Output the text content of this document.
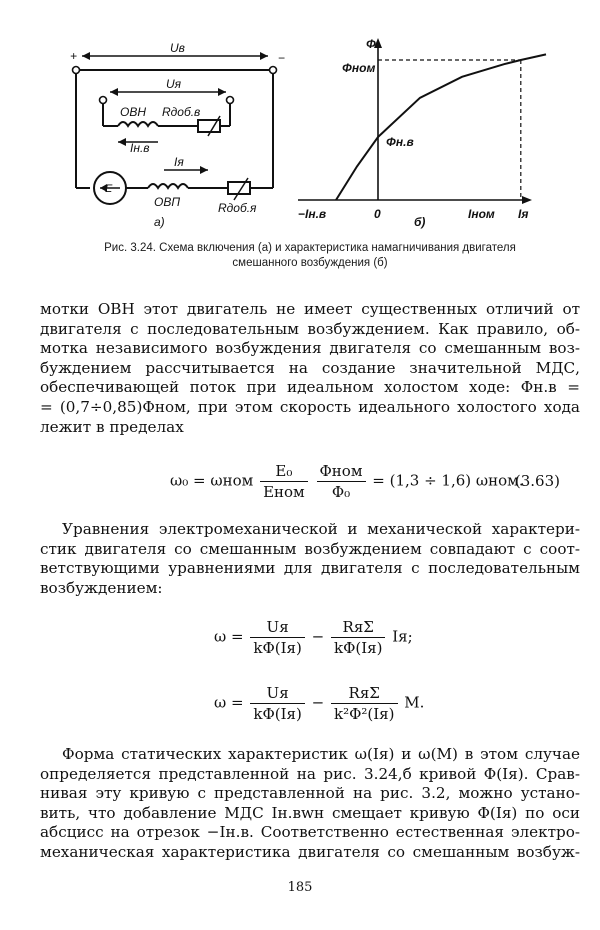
+	−
Uв
Uя
ОВН Rдоб.в
Iн.в
E
Iя
ОВП	Rдоб.я
а)
Φ
Φном
Φн.в
−Iн.в	0	Iном Iя
б)
Рис. 3.24. Схема включения (а) и характеристика намагничивания двигателя
смешанного возбуждения (б)
мотки ОВН этот двигатель не имеет существенных отличий от
двигателя с последовательным возбуждением. Как правило, об-
мотка независимого возбуждения двигателя со смешанным воз-
буждением рассчитывается на создание значительной МДС,
обеспечивающей поток при идеальном холостом ходе: Φн.в =
= (0,7÷0,85)Φном, при этом скорость идеального холостого хода
лежит в пределах
ω₀ = ωном $\frac{\text{E₀}}{\text{Eном}}$
$\frac{\text{Φном}}{\text{Φ₀}} = (1,3 \div 1,6)$ ωном.
(3.63)
Уравнения электромеханической и механической характери-
стик двигателя со смешанным возбуждением совпадают с соот-
ветствующими уравнениями для двигателя с последовательным
возбуждением:
$\omega = \frac{Uя}{k\Phi(Iя)} - \frac{\text{RяΣ}}{k\Phi(Iя)}$ Iя;
$\omega = \frac{Uя}{k\Phi(Iя)} - \frac{\text{RяΣ}}{\text{k²Φ²(Iя)}} M$.
Форма статических характеристик ω(Iя) и ω(M) в этом случае
определяется представленной на рис. 3.24,б кривой Φ(Iя). Срав-
нивая эту кривую с представленной на рис. 3.2, можно устано-
вить, что добавление МДС Iн.вwн смещает кривую Φ(Iя) по оси
абсцисс на отрезок −Iн.в. Соответственно естественная электро-
механическая характеристика двигателя со смешанным возбуж-
185
